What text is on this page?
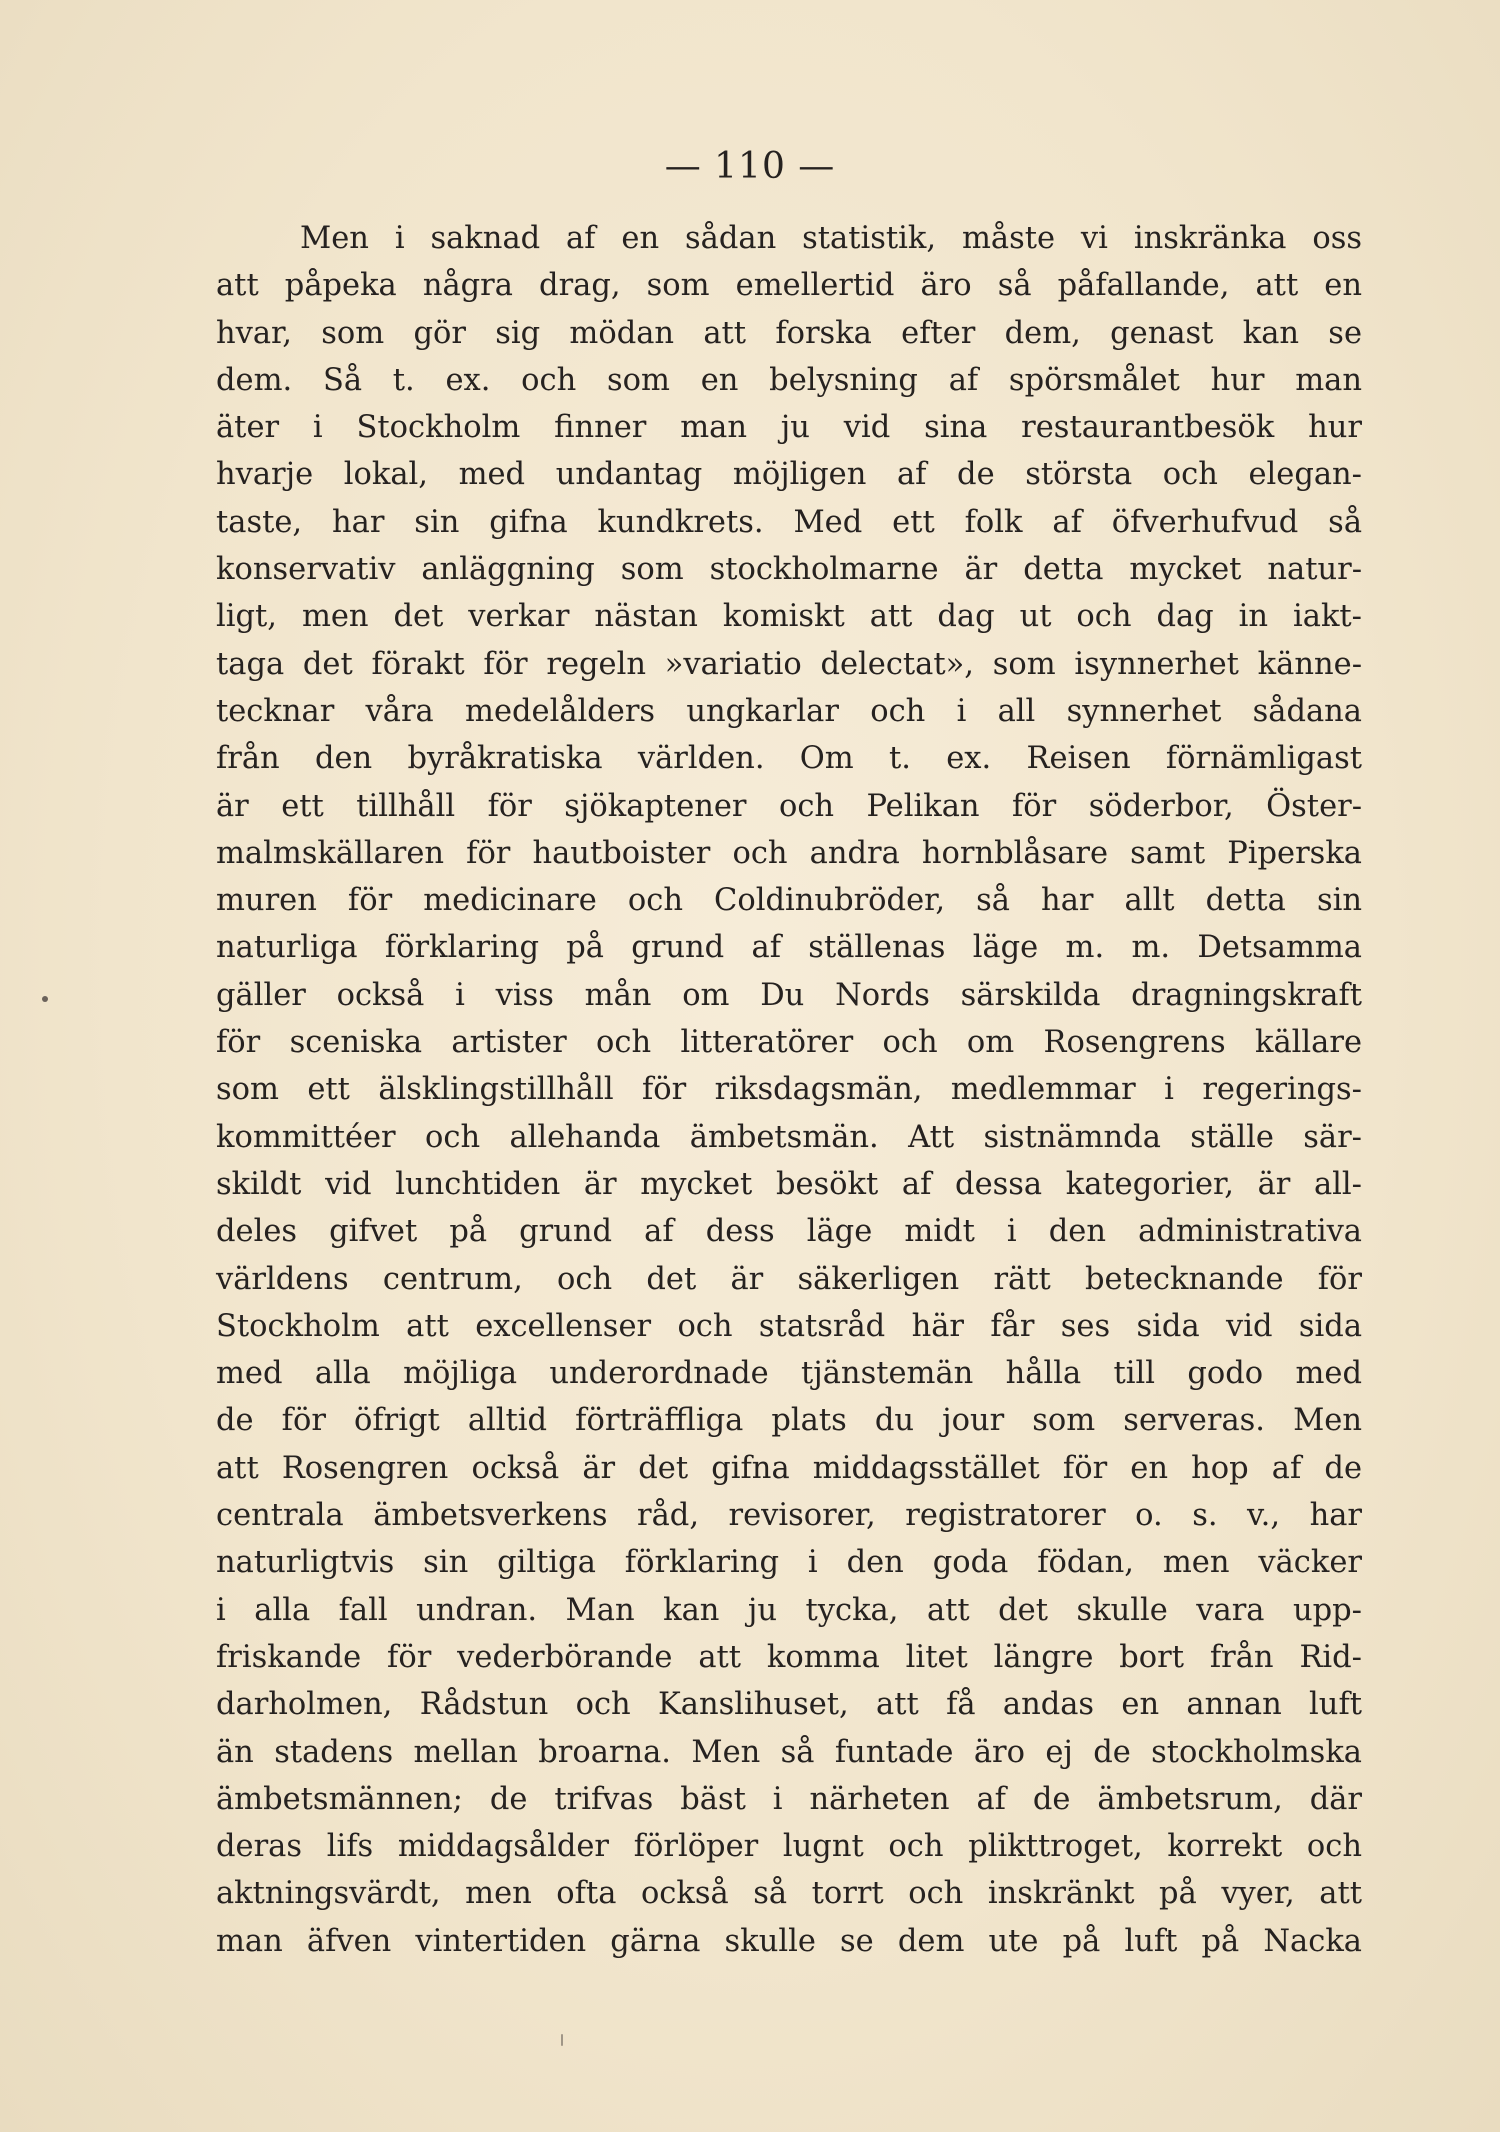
— 110 —
Men i saknad af en sådan statistik, måste vi inskränka oss
att påpeka några drag, som emellertid äro så påfallande, att en
hvar, som gör sig mödan att forska efter dem, genast kan se
dem. Så t. ex. och som en belysning af spörsmålet hur man
äter i Stockholm finner man ju vid sina restaurantbesök hur
hvarje lokal, med undantag möjligen af de största och elegan-
taste, har sin gifna kundkrets. Med ett folk af öfverhufvud så
konservativ anläggning som stockholmarne är detta mycket natur-
ligt, men det verkar nästan komiskt att dag ut och dag in iakt-
taga det förakt för regeln »variatio delectat», som isynnerhet känne-
tecknar våra medelålders ungkarlar och i all synnerhet sådana
från den byråkratiska världen. Om t. ex. Reisen förnämligast
är ett tillhåll för sjökaptener och Pelikan för söderbor, Öster-
malmskällaren för hautboister och andra hornblåsare samt Piperska
muren för medicinare och Coldinubröder, så har allt detta sin
naturliga förklaring på grund af ställenas läge m. m. Detsamma
gäller också i viss mån om Du Nords särskilda dragningskraft
för sceniska artister och litteratörer och om Rosengrens källare
som ett älsklingstillhåll för riksdagsmän, medlemmar i regerings-
kommittéer och allehanda ämbetsmän. Att sistnämnda ställe sär-
skildt vid lunchtiden är mycket besökt af dessa kategorier, är all-
deles gifvet på grund af dess läge midt i den administrativa
världens centrum, och det är säkerligen rätt betecknande för
Stockholm att excellenser och statsråd här får ses sida vid sida
med alla möjliga underordnade tjänstemän hålla till godo med
de för öfrigt alltid förträffliga plats du jour som serveras. Men
att Rosengren också är det gifna middagsstället för en hop af de
centrala ämbetsverkens råd, revisorer, registratorer o. s. v., har
naturligtvis sin giltiga förklaring i den goda födan, men väcker
i alla fall undran. Man kan ju tycka, att det skulle vara upp-
friskande för vederbörande att komma litet längre bort från Rid-
darholmen, Rådstun och Kanslihuset, att få andas en annan luft
än stadens mellan broarna. Men så funtade äro ej de stockholmska
ämbetsmännen; de trifvas bäst i närheten af de ämbetsrum, där
deras lifs middagsålder förlöper lugnt och plikttroget, korrekt och
aktningsvärdt, men ofta också så torrt och inskränkt på vyer, att
man äfven vintertiden gärna skulle se dem ute på luft på Nacka
